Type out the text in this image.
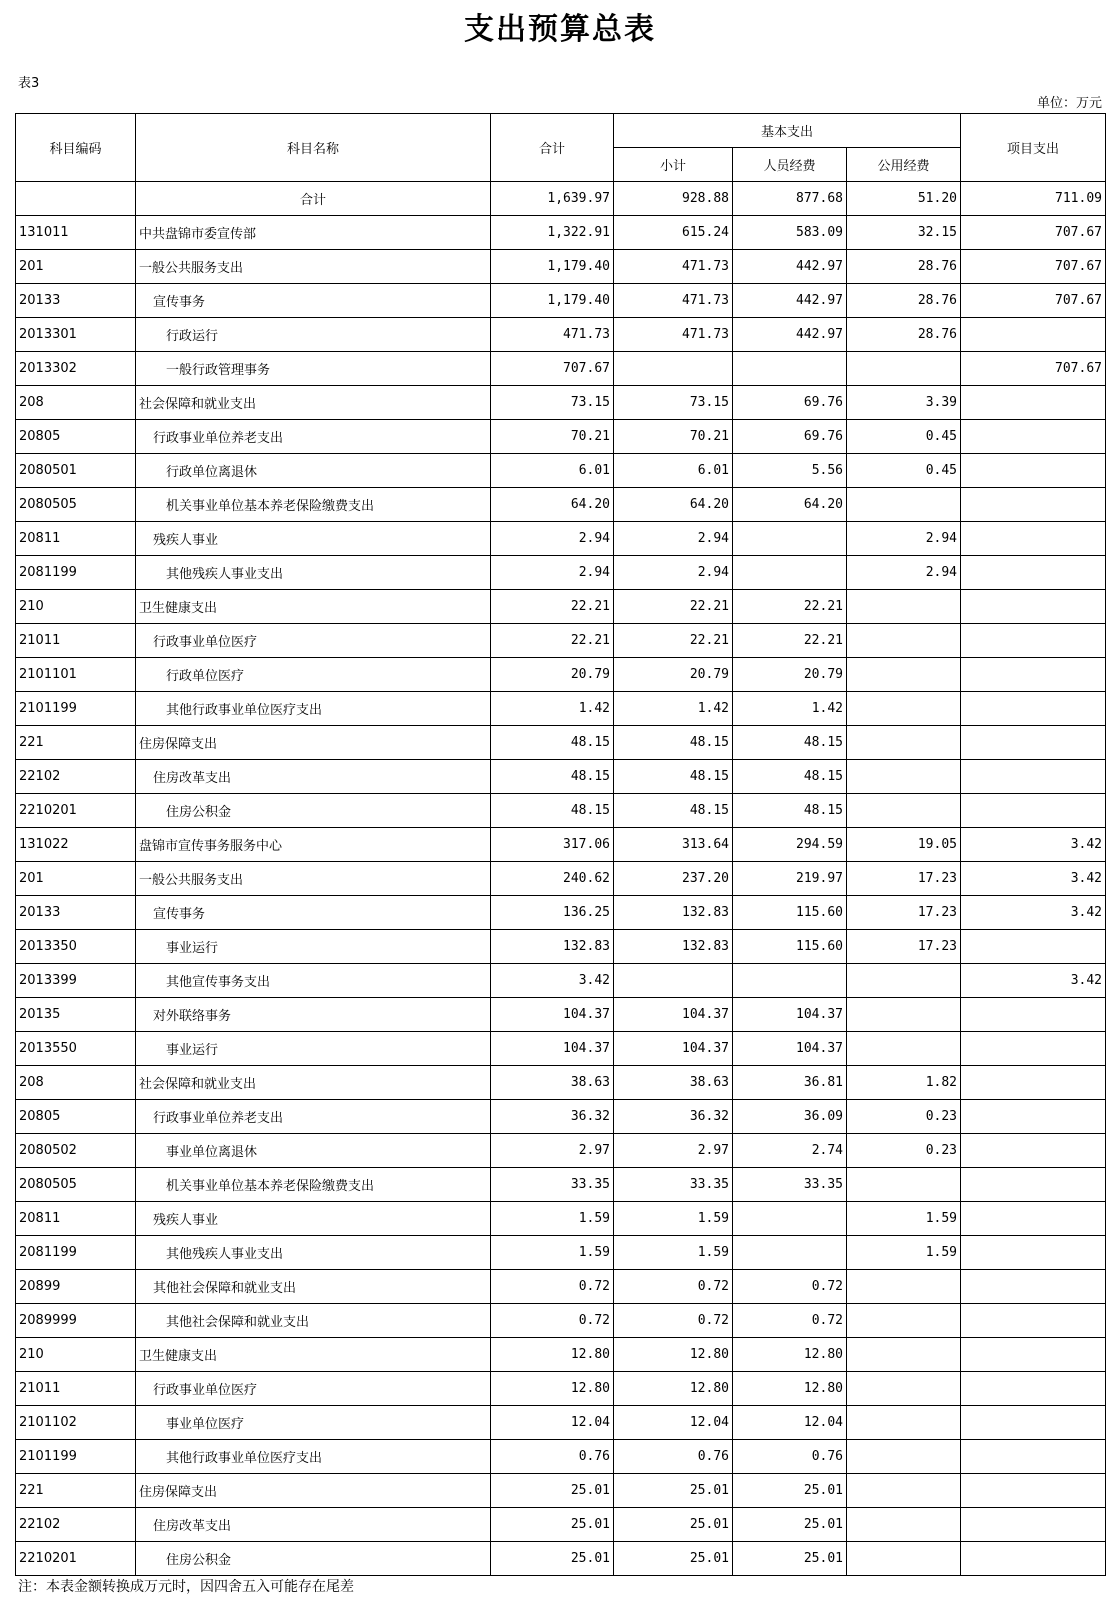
支出预算总表
表3
单位：万元
科目编码	科目名称	合计	基本支出			项目支出
			小计	人员经费	公用经费	
	合计	1,639.97	928.88	877.68	51.20	711.09
131011	中共盘锦市委宣传部	1,322.91	615.24	583.09	32.15	707.67
201	一般公共服务支出	1,179.40	471.73	442.97	28.76	707.67
20133	宣传事务	1,179.40	471.73	442.97	28.76	707.67
2013301	行政运行	471.73	471.73	442.97	28.76	
2013302	一般行政管理事务	707.67				707.67
208	社会保障和就业支出	73.15	73.15	69.76	3.39	
20805	行政事业单位养老支出	70.21	70.21	69.76	0.45	
2080501	行政单位离退休	6.01	6.01	5.56	0.45	
2080505	机关事业单位基本养老保险缴费支出	64.20	64.20	64.20		
20811	残疾人事业	2.94	2.94		2.94	
2081199	其他残疾人事业支出	2.94	2.94		2.94	
210	卫生健康支出	22.21	22.21	22.21		
21011	行政事业单位医疗	22.21	22.21	22.21		
2101101	行政单位医疗	20.79	20.79	20.79		
2101199	其他行政事业单位医疗支出	1.42	1.42	1.42		
221	住房保障支出	48.15	48.15	48.15		
22102	住房改革支出	48.15	48.15	48.15		
2210201	住房公积金	48.15	48.15	48.15		
131022	盘锦市宣传事务服务中心	317.06	313.64	294.59	19.05	3.42
201	一般公共服务支出	240.62	237.20	219.97	17.23	3.42
20133	宣传事务	136.25	132.83	115.60	17.23	3.42
2013350	事业运行	132.83	132.83	115.60	17.23	
2013399	其他宣传事务支出	3.42				3.42
20135	对外联络事务	104.37	104.37	104.37		
2013550	事业运行	104.37	104.37	104.37		
208	社会保障和就业支出	38.63	38.63	36.81	1.82	
20805	行政事业单位养老支出	36.32	36.32	36.09	0.23	
2080502	事业单位离退休	2.97	2.97	2.74	0.23	
2080505	机关事业单位基本养老保险缴费支出	33.35	33.35	33.35		
20811	残疾人事业	1.59	1.59		1.59	
2081199	其他残疾人事业支出	1.59	1.59		1.59	
20899	其他社会保障和就业支出	0.72	0.72	0.72		
2089999	其他社会保障和就业支出	0.72	0.72	0.72		
210	卫生健康支出	12.80	12.80	12.80		
21011	行政事业单位医疗	12.80	12.80	12.80		
2101102	事业单位医疗	12.04	12.04	12.04		
2101199	其他行政事业单位医疗支出	0.76	0.76	0.76		
221	住房保障支出	25.01	25.01	25.01		
22102	住房改革支出	25.01	25.01	25.01		
2210201	住房公积金	25.01	25.01	25.01		
注：本表金额转换成万元时，因四舍五入可能存在尾差
